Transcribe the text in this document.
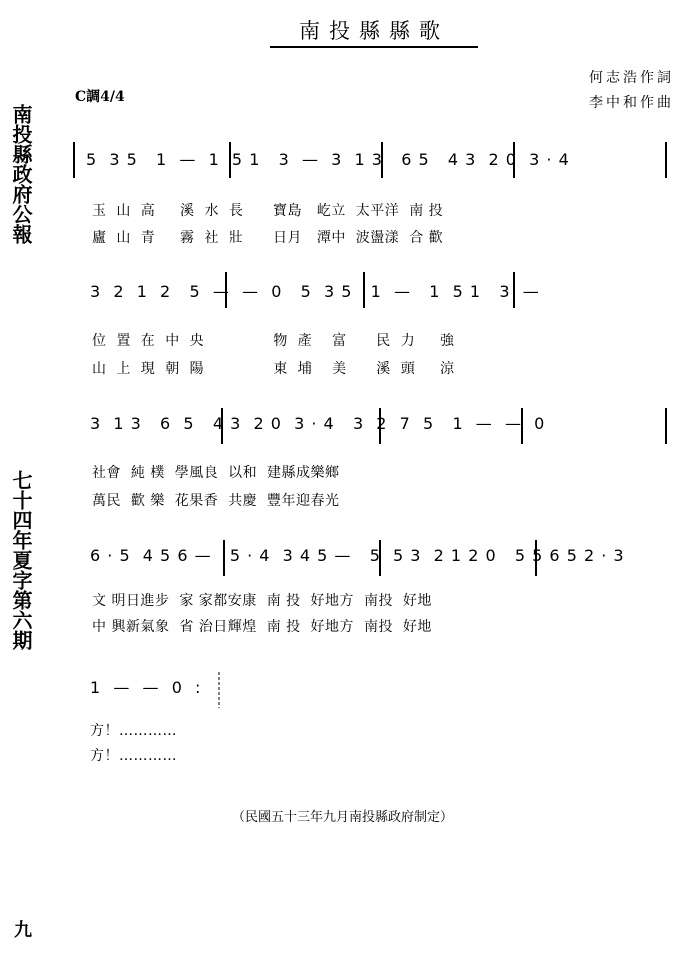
南投縣縣歌
何志浩作詞
李中和作曲
C調4/4
南投縣政府公報
七十四年夏字第六期
5  3 5   1  —  1  5 1   3  —  3  1 3   6 5   4 3  2 0  3 · 4
玉  山  高     溪  水  長      寶島   屹立  太平洋  南 投
廬  山  青     霧  社  壯      日月   潭中  波盪漾  合 歡
3  2  1  2   5  —  —  0   5  3 5   1  —   1  5 1   3  —
位  置  在  中  央              物  產    富      民  力     強
山  上  現  朝  陽              東  埔    美      溪  頭     涼
3  1 3   6  5   4 3  2 0  3 · 4   3  2  7  5   1  —  —  0
社會  純 樸  學風良  以和  建縣成樂鄉
萬民  歡 樂  花果香  共慶  豐年迎春光
6 · 5  4 5 6 —   5 · 4  3 4 5 —   5  5 3  2 1 2 0   5 5 6 5 2 · 3
文 明日進步  家 家都安康  南 投  好地方  南投  好地
中 興新氣象  省 治日輝煌  南 投  好地方  南投  好地
1  —  —  0  :
方！…………
方！…………
（民國五十三年九月南投縣政府制定）
九
